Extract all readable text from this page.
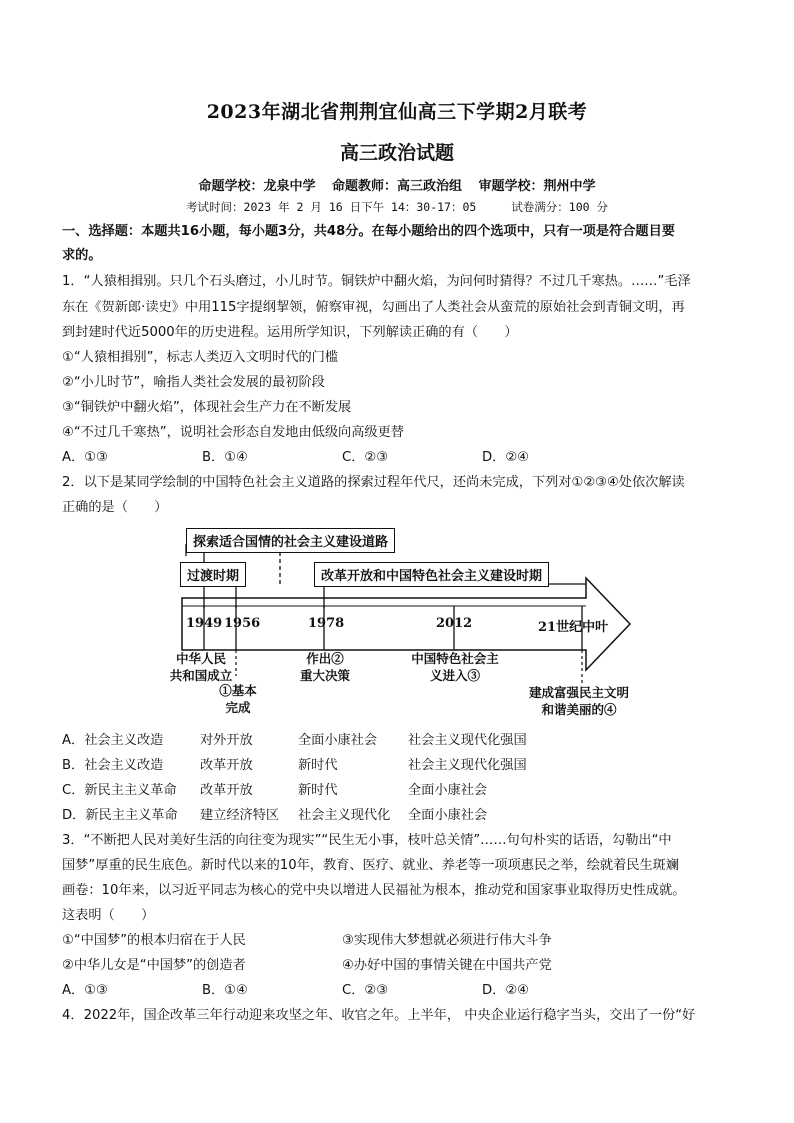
2023年湖北省荆荆宜仙高三下学期2月联考
高三政治试题
命题学校：龙泉中学 命题教师：高三政治组 审题学校：荆州中学
考试时间：2023 年 2 月 16 日下午 14：30-17：05	试卷满分：100 分
一、选择题：本题共16小题，每小题3分，共48分。在每小题给出的四个选项中，只有一项是符合题目要
求的。
1．“人猿相揖别。只几个石头磨过，小儿时节。铜铁炉中翻火焰，为问何时猜得？不过几千寒热。……”毛泽
东在《贺新郎·读史》中用115字提纲挈领，俯察审视，勾画出了人类社会从蛮荒的原始社会到青铜文明，再
到封建时代近5000年的历史进程。运用所学知识，下列解读正确的有（　　）
①“人猿相揖别”，标志人类迈入文明时代的门槛
②“小儿时节”，喻指人类社会发展的最初阶段
③“铜铁炉中翻火焰”，体现社会生产力在不断发展
④“不过几千寒热”，说明社会形态自发地由低级向高级更替
A．①③	B．①④	C．②③	D．②④
2．以下是某同学绘制的中国特色社会主义道路的探索过程年代尺，还尚未完成，下列对①②③④处依次解读
正确的是（　　）
探索适合国情的社会主义建设道路
过渡时期	改革开放和中国特色社会主义建设时期
1949 1956	1978	2012	21世纪中叶
中华人民
共和国成立
①基本
完成
作出②
重大决策
中国特色社会主
义进入③
建成富强民主文明
和谐美丽的④
A．社会主义改造	对外开放	全面小康社会 社会主义现代化强国
B．社会主义改造	改革开放	新时代	社会主义现代化强国
C．新民主主义革命 改革开放	新时代	全面小康社会
D．新民主主义革命 建立经济特区 社会主义现代化 全面小康社会
3．“不断把人民对美好生活的向往变为现实”“民生无小事，枝叶总关情”……句句朴实的话语，勾勒出“中
国梦”厚重的民生底色。新时代以来的10年，教育、医疗、就业、养老等一项项惠民之举，绘就着民生斑斓
画卷：10年来，以习近平同志为核心的党中央以增进人民福祉为根本，推动党和国家事业取得历史性成就。
这表明（　　）
①“中国梦”的根本归宿在于人民	③实现伟大梦想就必须进行伟大斗争
②中华儿女是“中国梦”的创造者	④办好中国的事情关键在中国共产党
A．①③	B．①④	C．②③	D．②④
4．2022年，国企改革三年行动迎来攻坚之年、收官之年。上半年， 中央企业运行稳字当头，交出了一份“好
